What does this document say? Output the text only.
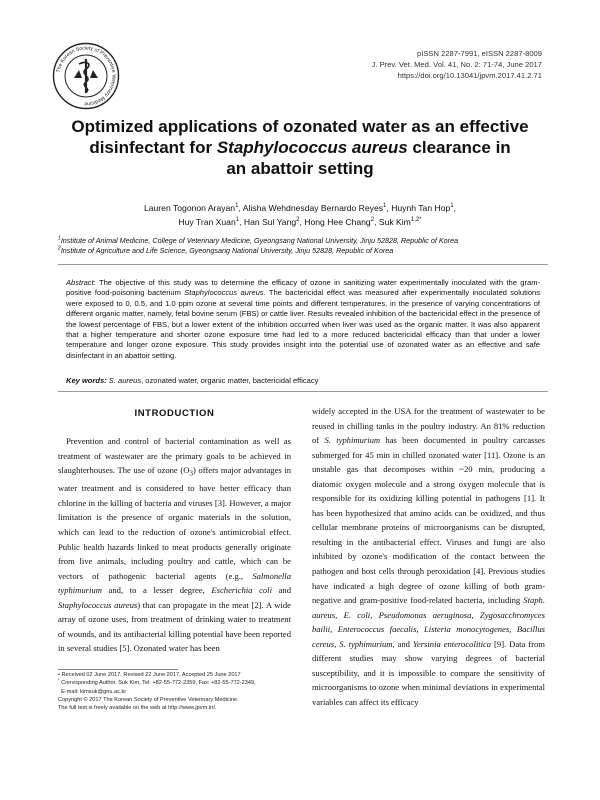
The Korean Society of Preventive Veterinary Medicine
pISSN 2287-7991, eISSN 2287-8009
J. Prev. Vet. Med. Vol. 41, No. 2: 71-74, June 2017
https://doi.org/10.13041/jpvm.2017.41.2.71
Optimized applications of ozonated water as an effective
disinfectant for Staphylococcus aureus clearance in
an abattoir setting
Lauren Togonon Arayan$^1$, Alisha Wehdnesday Bernardo Reyes$^1$, Huynh Tan Hop$^1$,
Huy Tran Xuan$^1$, Han Sul Yang$^2$, Hong Hee Chang$^2$, Suk Kim$^{1,2*}$
$^1$Institute of Animal Medicine, College of Veterinary Medicine, Gyeongsang National University, Jinju 52828, Republic of Korea
$^2$Institute of Agriculture and Life Science, Gyeongsang National University, Jinju 52828, Republic of Korea
Abstract: The objective of this study was to determine the efficacy of ozone in sanitizing water experimentally inoculated with the gram-positive food-poisoning bacterium Staphylococcus aureus. The bactericidal effect was measured after experimentally inoculated solutions were exposed to 0, 0.5, and 1.0 ppm ozone at several time points and different temperatures, in the presence of varying concentrations of different organic matter, namely, fetal bovine serum (FBS) or cattle liver. Results revealed inhibition of the bactericidal effect in the presence of the lowest percentage of FBS, but a lower extent of the inhibition occurred when liver was used as the organic matter. It was also apparent that a higher temperature and shorter ozone exposure time had led to a more reduced bactericidal efficacy than that under a lower temperature and longer ozone exposure. This study provides insight into the potential use of ozonated water as an effective and safe disinfectant in an abattoir setting.
Key words: S. aureus, ozonated water, organic matter, bactericidal efficacy
INTRODUCTION

Prevention and control of bacterial contamination as well as treatment of wastewater are the primary goals to be achieved in slaughterhouses. The use of ozone $(O_3)$ offers major advantages in water treatment and is considered to have better efficacy than chlorine in the killing of bacteria and viruses [3]. However, a major limitation is the presence of organic materials in the solution, which can lead to the reduction of ozone's antimicrobial effect. Public health hazards linked to meat products generally originate from live animals, including poultry and cattle, which can be vectors of pathogenic bacterial agents (e.g., Salmonella typhimurium and, to a lesser degree, Escherichia coli and Staphylococcus aureus) that can propagate in the meat [2]. A wide array of ozone uses, from treatment of drinking water to treatment of wounds, and its antibacterial killing potential have been reported in several studies [5]. Ozonated water has been

widely accepted in the USA for the treatment of wastewater to be reused in chilling tanks in the poultry industry. An 81% reduction of S. typhimurium has been documented in poultry carcasses submerged for 45 min in chilled ozonated water [11]. Ozone is an unstable gas that decomposes within ~20 min, producing a diatomic oxygen molecule and a strong oxygen molecule that is responsible for its oxidizing killing potential in pathogens [1]. It has been hypothesized that amino acids can be oxidized, and thus cellular membrane proteins of microorganisms can be disrupted, resulting in the antibacterial effect. Viruses and fungi are also inhibited by ozone's modification of the contact between the pathogen and host cells through peroxidation [4]. Previous studies have indicated a high degree of ozone killing of both gram-negative and gram-positive food-related bacteria, including Staph. aureus, E. coli, Pseudomonas aeruginosa, Zygosacchromyces bailii, Enterococcus faecalis, Listeria monocytogenes, Bacillus cereus, S. typhimurium, and Yersinia enterocolitica [9]. Data from different studies may show varying degrees of bacterial susceptibility, and it is impossible to compare the sensitivity of microorganisms to ozone when minimal deviations in experimental variables can affect its efficacy

• Received 02 June 2017, Revised 22 June 2017, Accepted 25 June 2017
* Corresponding Author. Suk Kim, Tel: +82-55-772-2359, Fax: +82-55-772-2349,
E-mail: kimsuk@gnu.ac.kr
Copyright © 2017 The Korean Society of Preventive Veterinary Medicine.
The full text is freely available on the web at http://www.jpvm.kr/.
